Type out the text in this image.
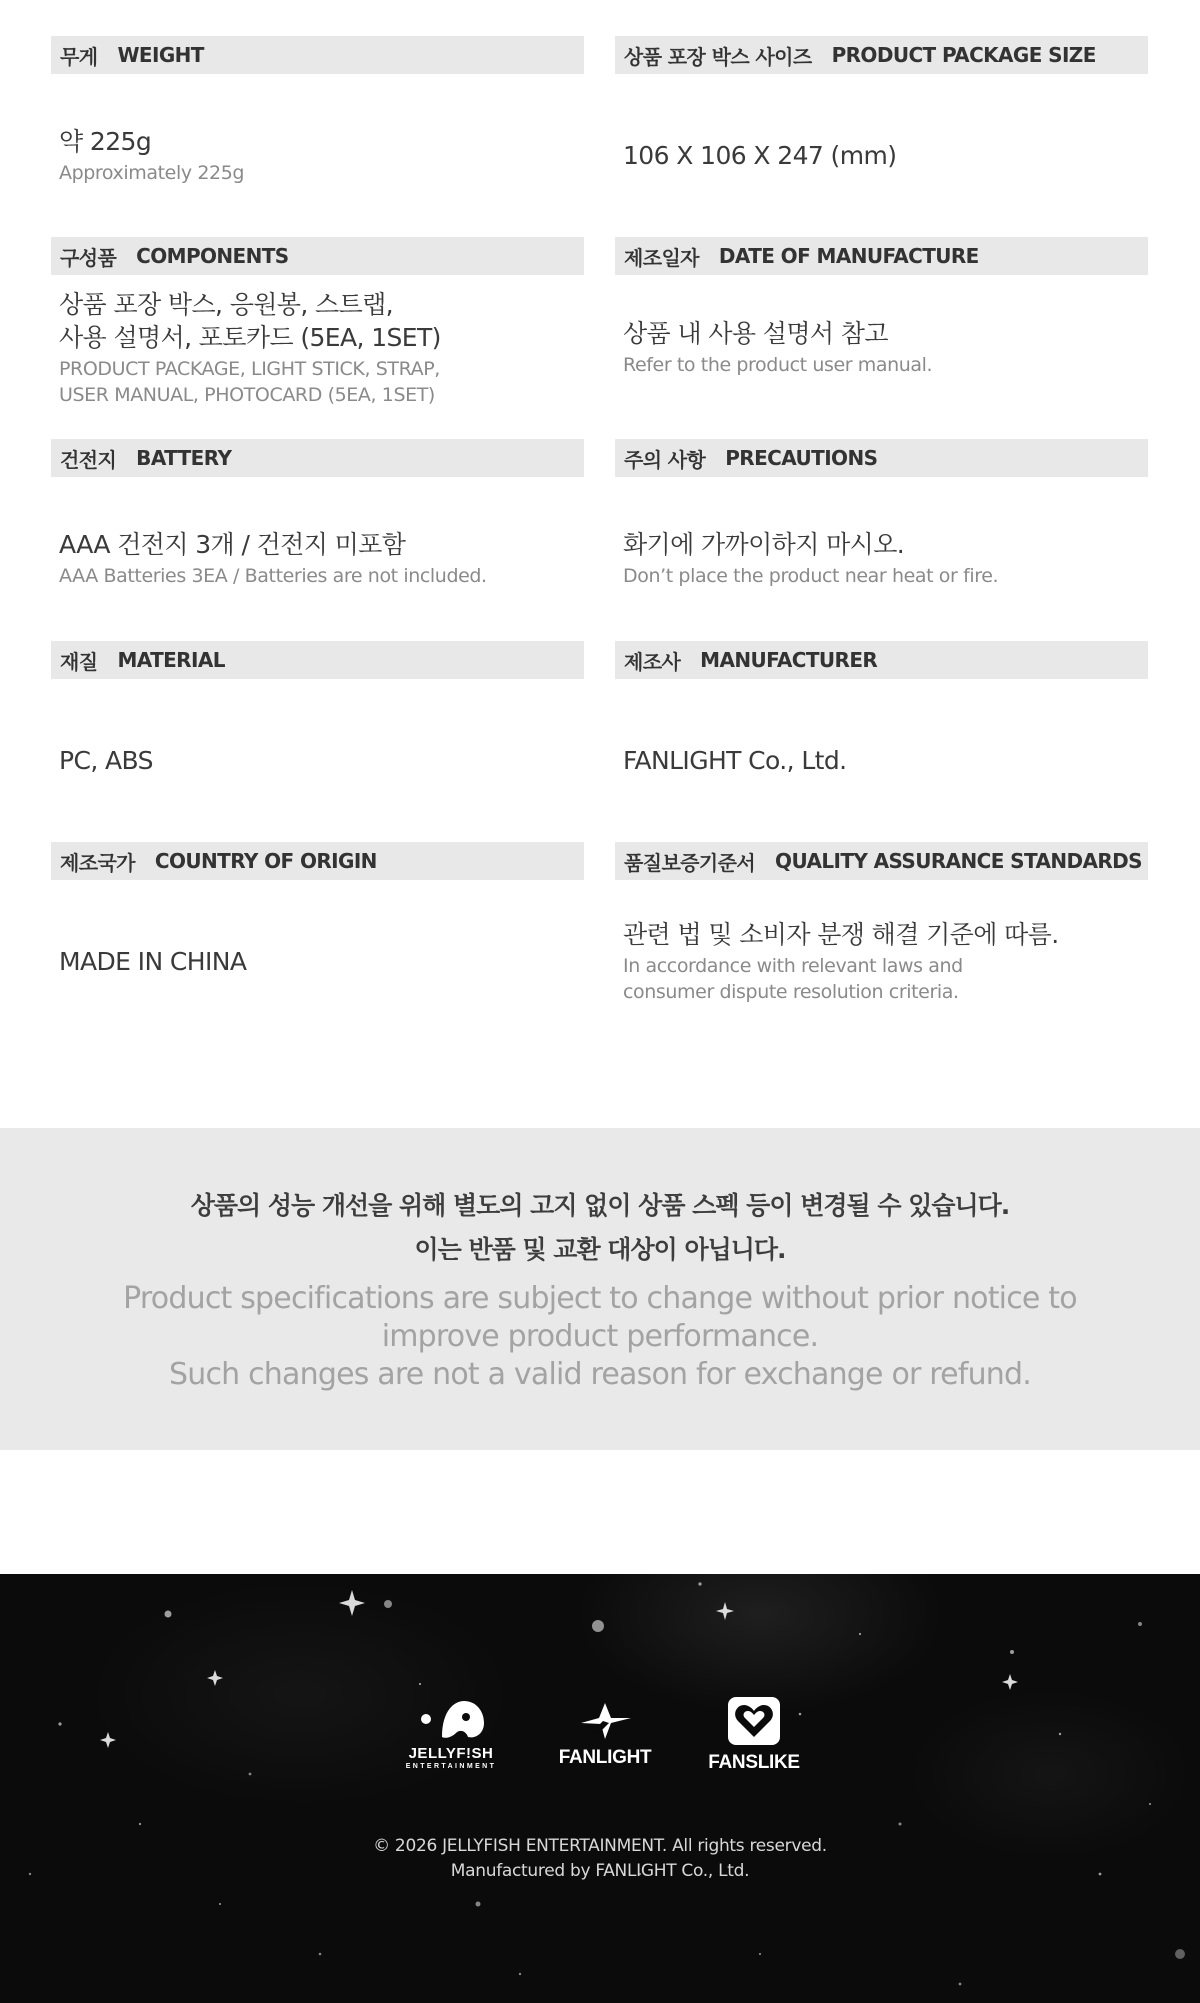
무게 WEIGHT
약 225g
Approximately 225g
상품 포장 박스 사이즈 PRODUCT PACKAGE SIZE
106 X 106 X 247 (mm)
구성품 COMPONENTS
상품 포장 박스, 응원봉, 스트랩,
사용 설명서, 포토카드 (5EA, 1SET)
PRODUCT PACKAGE, LIGHT STICK, STRAP,
USER MANUAL, PHOTOCARD (5EA, 1SET)
제조일자 DATE OF MANUFACTURE
상품 내 사용 설명서 참고
Refer to the product user manual.
건전지 BATTERY
AAA 건전지 3개 / 건전지 미포함
AAA Batteries 3EA / Batteries are not included.
주의 사항 PRECAUTIONS
화기에 가까이하지 마시오.
Don’t place the product near heat or fire.
재질 MATERIAL
PC, ABS
제조사 MANUFACTURER
FANLIGHT Co., Ltd.
제조국가 COUNTRY OF ORIGIN
MADE IN CHINA
품질보증기준서 QUALITY ASSURANCE STANDARDS
관련 법 및 소비자 분쟁 해결 기준에 따름.
In accordance with relevant laws and
consumer dispute resolution criteria.
상품의 성능 개선을 위해 별도의 고지 없이 상품 스펙 등이 변경될 수 있습니다.
이는 반품 및 교환 대상이 아닙니다.
Product specifications are subject to change without prior notice to
improve product performance.
Such changes are not a valid reason for exchange or refund.
JELLYF!SH
ENTERTAINMENT	FANLIGHT	FANSLIKE
© 2026 JELLYFISH ENTERTAINMENT. All rights reserved.
Manufactured by FANLIGHT Co., Ltd.
